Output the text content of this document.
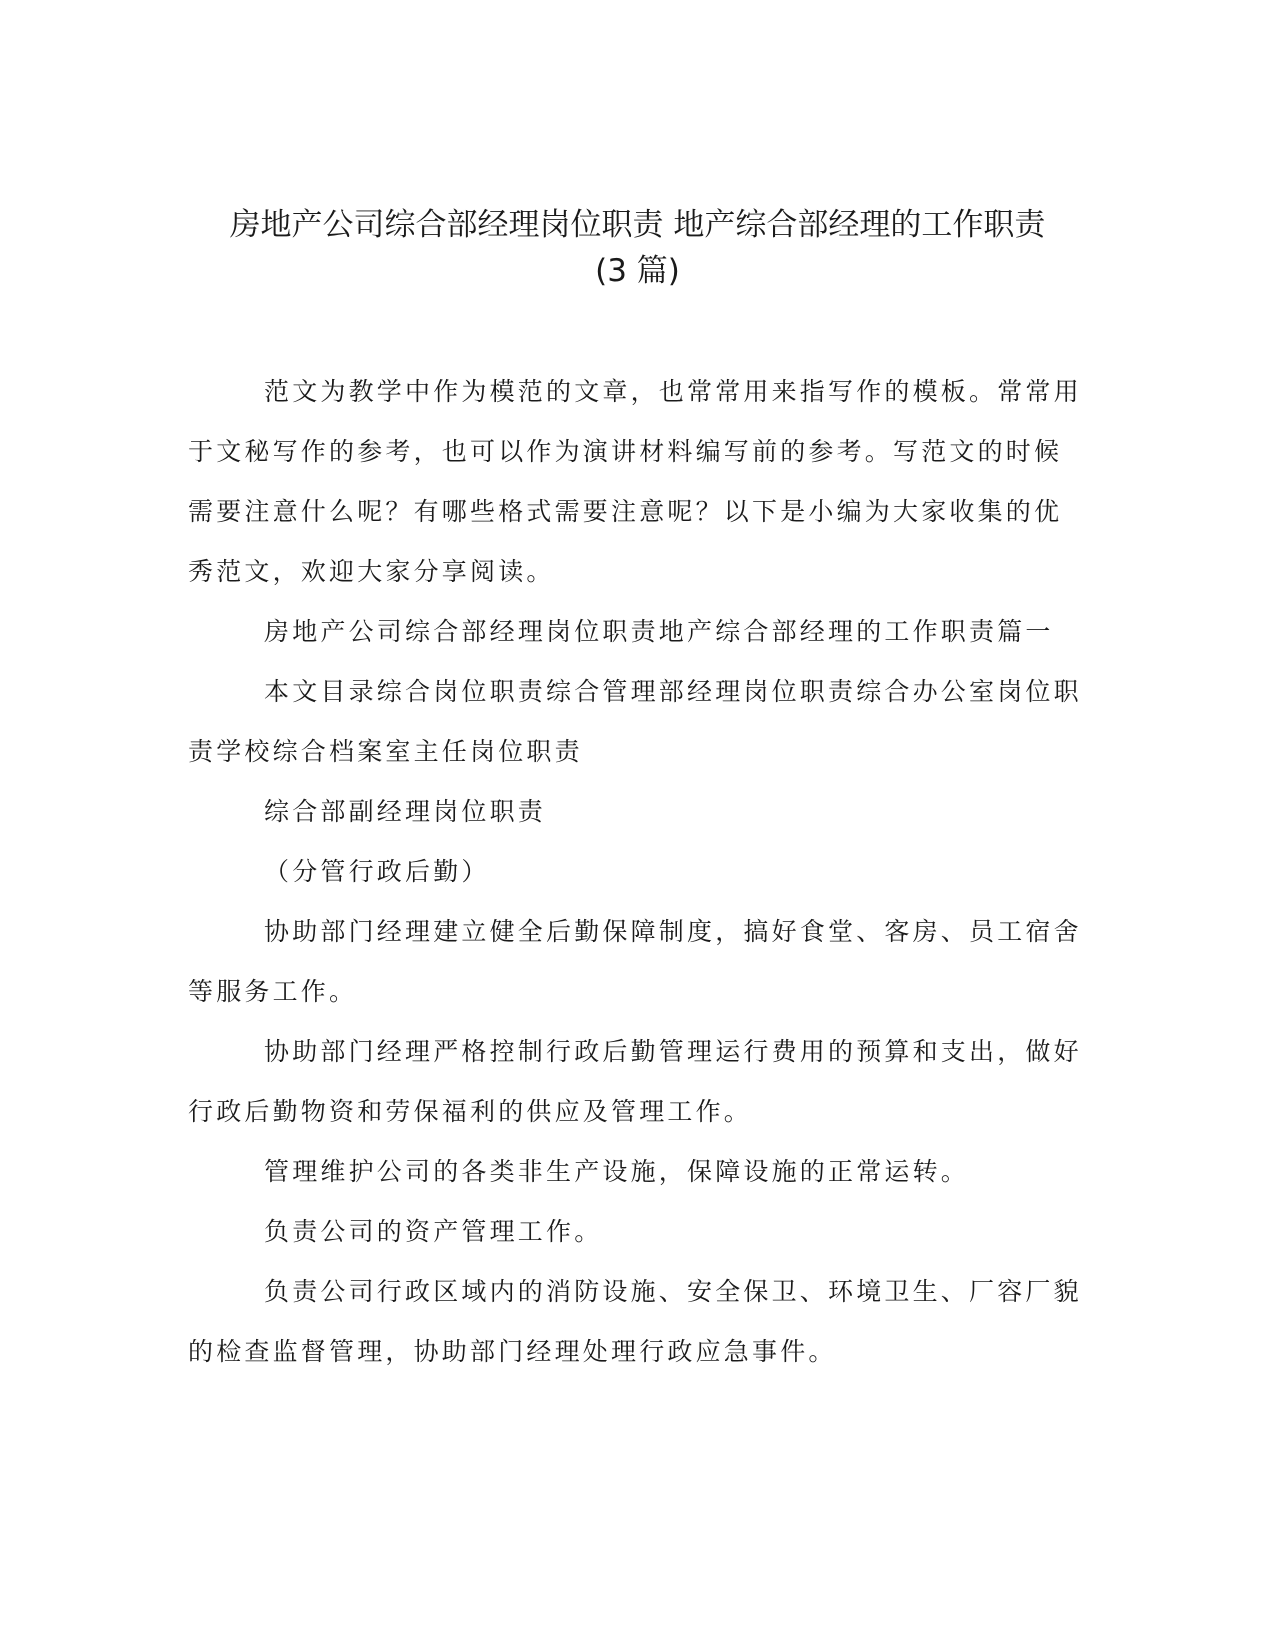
房地产公司综合部经理岗位职责 地产综合部经理的工作职责
(3 篇)

范文为教学中作为模范的文章，也常常用来指写作的模板。常常用于文秘写作的参考，也可以作为演讲材料编写前的参考。写范文的时候需要注意什么呢？有哪些格式需要注意呢？以下是小编为大家收集的优秀范文，欢迎大家分享阅读。

房地产公司综合部经理岗位职责地产综合部经理的工作职责篇一

本文目录综合岗位职责综合管理部经理岗位职责综合办公室岗位职责学校综合档案室主任岗位职责

综合部副经理岗位职责

（分管行政后勤）

协助部门经理建立健全后勤保障制度，搞好食堂、客房、员工宿舍等服务工作。

协助部门经理严格控制行政后勤管理运行费用的预算和支出，做好行政后勤物资和劳保福利的供应及管理工作。

管理维护公司的各类非生产设施，保障设施的正常运转。

负责公司的资产管理工作。

负责公司行政区域内的消防设施、安全保卫、环境卫生、厂容厂貌的检查监督管理，协助部门经理处理行政应急事件。
